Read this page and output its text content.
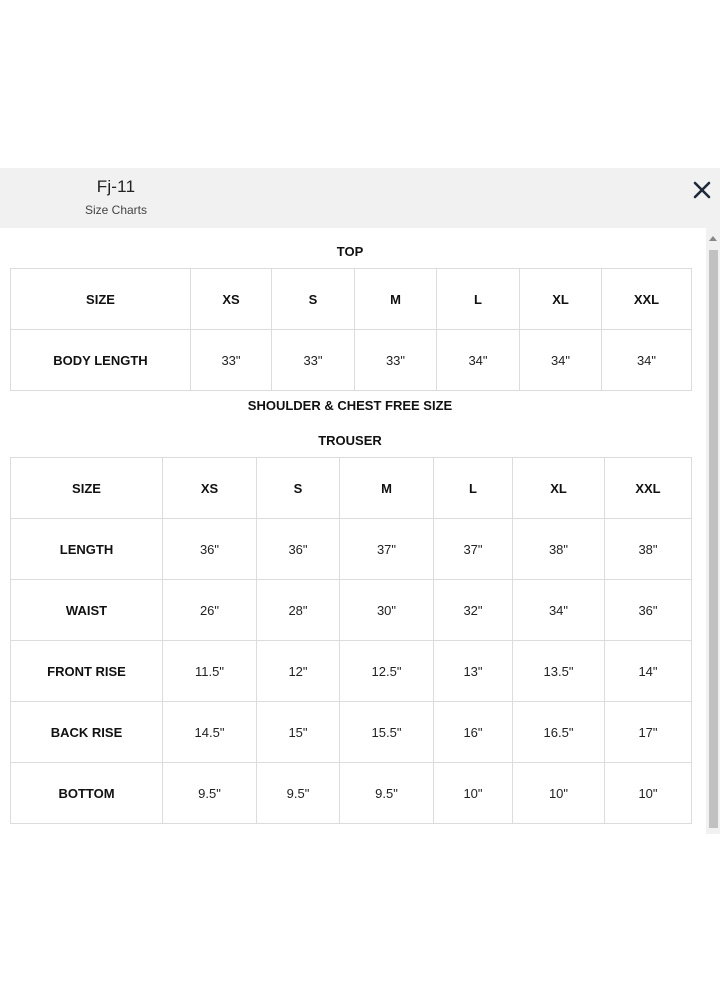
Fj-11
Size Charts
TOP
SIZE	XS	S	M	L	XL	XXL
BODY LENGTH	33"	33"	33"	34"	34"	34"
SHOULDER & CHEST FREE SIZE
TROUSER
SIZE	XS	S	M	L	XL	XXL
LENGTH	36"	36"	37"	37"	38"	38"
WAIST	26"	28"	30"	32"	34"	36"
FRONT RISE	11.5"	12"	12.5"	13"	13.5"	14"
BACK RISE	14.5"	15"	15.5"	16"	16.5"	17"
BOTTOM	9.5"	9.5"	9.5"	10"	10"	10"
